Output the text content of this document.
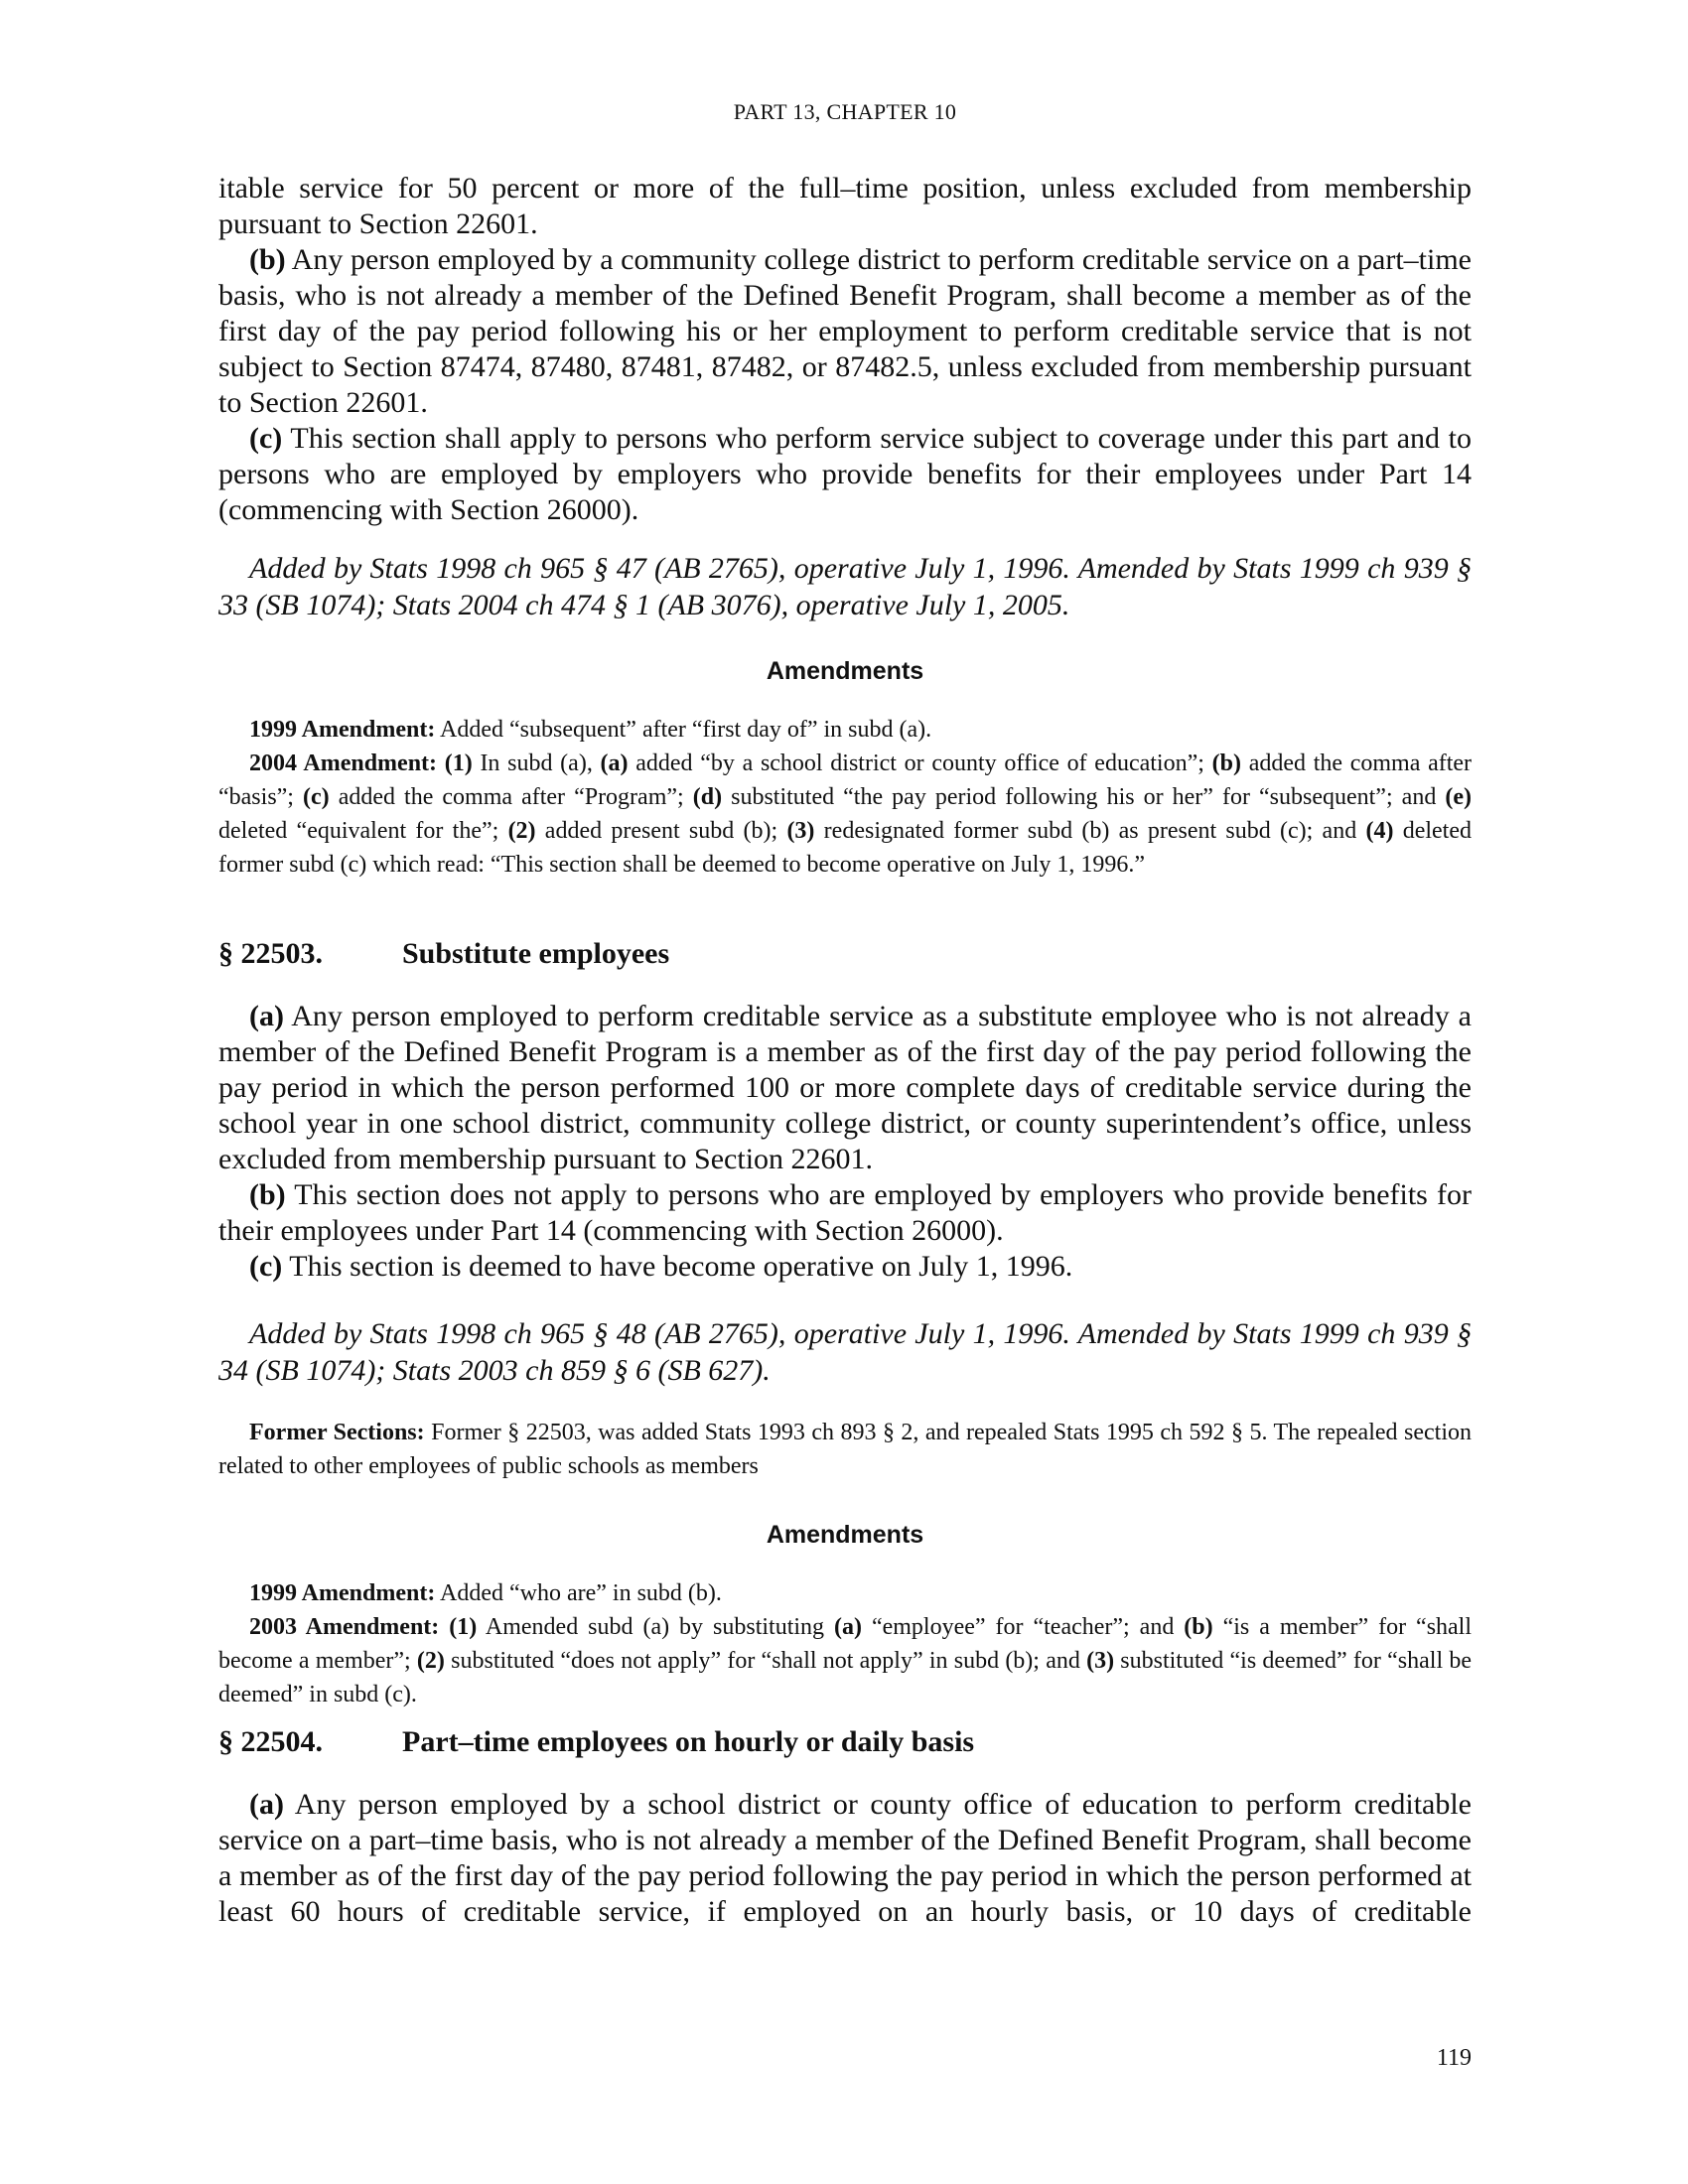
PART 13, CHAPTER 10

itable service for 50 percent or more of the full–time position, unless excluded from membership pursuant to Section 22601.

(b) Any person employed by a community college district to perform creditable service on a part–time basis, who is not already a member of the Defined Benefit Program, shall become a member as of the first day of the pay period following his or her employment to perform creditable service that is not subject to Section 87474, 87480, 87481, 87482, or 87482.5, unless excluded from membership pursuant to Section 22601.

(c) This section shall apply to persons who perform service subject to coverage under this part and to persons who are employed by employers who provide benefits for their employees under Part 14 (commencing with Section 26000).

Added by Stats 1998 ch 965 § 47 (AB 2765), operative July 1, 1996. Amended by Stats 1999 ch 939 § 33 (SB 1074); Stats 2004 ch 474 § 1 (AB 3076), operative July 1, 2005.

Amendments

1999 Amendment: Added “subsequent” after “first day of” in subd (a).

2004 Amendment: (1) In subd (a), (a) added “by a school district or county office of education”; (b) added the comma after “basis”; (c) added the comma after “Program”; (d) substituted “the pay period following his or her” for “subsequent”; and (e) deleted “equivalent for the”; (2) added present subd (b); (3) redesignated former subd (b) as present subd (c); and (4) deleted former subd (c) which read: “This section shall be deemed to become operative on July 1, 1996.”

§ 22503.	Substitute employees

(a) Any person employed to perform creditable service as a substitute employee who is not already a member of the Defined Benefit Program is a member as of the first day of the pay period following the pay period in which the person performed 100 or more complete days of creditable service during the school year in one school district, community college district, or county superintendent’s office, unless excluded from membership pursuant to Section 22601.

(b) This section does not apply to persons who are employed by employers who provide benefits for their employees under Part 14 (commencing with Section 26000).

(c) This section is deemed to have become operative on July 1, 1996.

Added by Stats 1998 ch 965 § 48 (AB 2765), operative July 1, 1996. Amended by Stats 1999 ch 939 § 34 (SB 1074); Stats 2003 ch 859 § 6 (SB 627).

Former Sections: Former § 22503, was added Stats 1993 ch 893 § 2, and repealed Stats 1995 ch 592 § 5. The repealed section related to other employees of public schools as members

Amendments

1999 Amendment: Added “who are” in subd (b).

2003 Amendment: (1) Amended subd (a) by substituting (a) “employee” for “teacher”; and (b) “is a member” for “shall become a member”; (2) substituted “does not apply” for “shall not apply” in subd (b); and (3) substituted “is deemed” for “shall be deemed” in subd (c).

§ 22504.	Part–time employees on hourly or daily basis

(a) Any person employed by a school district or county office of education to perform creditable service on a part–time basis, who is not already a member of the Defined Benefit Program, shall become a member as of the first day of the pay period following the pay period in which the person performed at least 60 hours of creditable service, if employed on an hourly basis, or 10 days of creditable

119
